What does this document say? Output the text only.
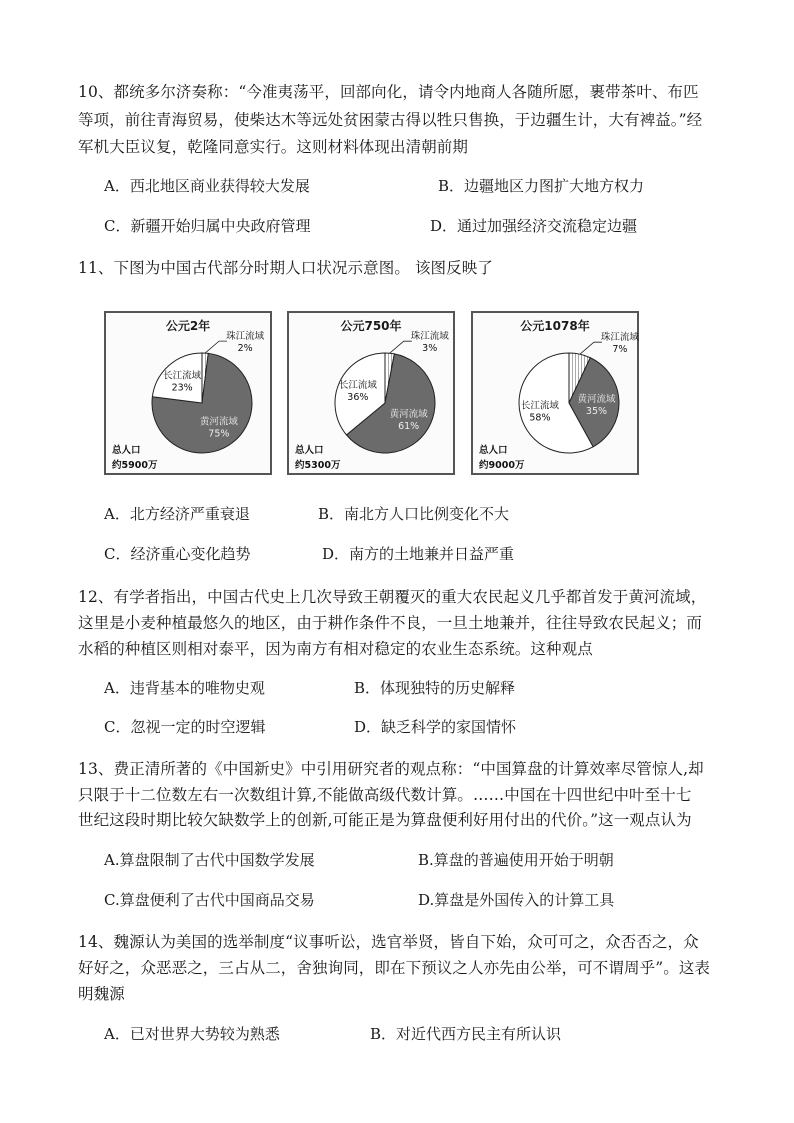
10、都统多尔济奏称：“今准夷荡平，回部向化，请令内地商人各随所愿，裹带茶叶、布匹
等项，前往青海贸易，使柴达木等远处贫困蒙古得以牲只售换，于边疆生计，大有裨益。”经
军机大臣议复，乾隆同意实行。这则材料体现出清朝前期
A．西北地区商业获得较大发展	B．边疆地区力图扩大地方权力
C．新疆开始归属中央政府管理	D．通过加强经济交流稳定边疆
11、下图为中国古代部分时期人口状况示意图。 该图反映了
公元2年
黄河流域
75%
长江流域
23%
珠江流域
2%
总人口
约5900万
公元750年
黄河流域
61%
长江流域
36%
珠江流域
3%
总人口
约5300万
公元1078年
黄河流域
35%
长江流域
58%
珠江流域
7%
总人口
约9000万
A．北方经济严重衰退	B．南北方人口比例变化不大
C．经济重心变化趋势	D．南方的土地兼并日益严重
12、有学者指出，中国古代史上几次导致王朝覆灭的重大农民起义几乎都首发于黄河流域，
这里是小麦种植最悠久的地区，由于耕作条件不良，一旦土地兼并，往往导致农民起义；而
水稻的种植区则相对泰平，因为南方有相对稳定的农业生态系统。这种观点
A．违背基本的唯物史观	B．体现独特的历史解释
C．忽视一定的时空逻辑	D．缺乏科学的家国情怀
13、费正清所著的《中国新史》中引用研究者的观点称：“中国算盘的计算效率尽管惊人,却
只限于十二位数左右一次数组计算,不能做高级代数计算。……中国在十四世纪中叶至十七
世纪这段时期比较欠缺数学上的创新,可能正是为算盘便利好用付出的代价。”这一观点认为
A.算盘限制了古代中国数学发展	B.算盘的普遍使用开始于明朝
C.算盘便利了古代中国商品交易	D.算盘是外国传入的计算工具
14、魏源认为美国的选举制度“议事听讼，选官举贤，皆自下始，众可可之，众否否之，众
好好之，众恶恶之，三占从二，舍独询同，即在下预议之人亦先由公举，可不谓周乎”。这表
明魏源
A．已对世界大势较为熟悉	B．对近代西方民主有所认识
